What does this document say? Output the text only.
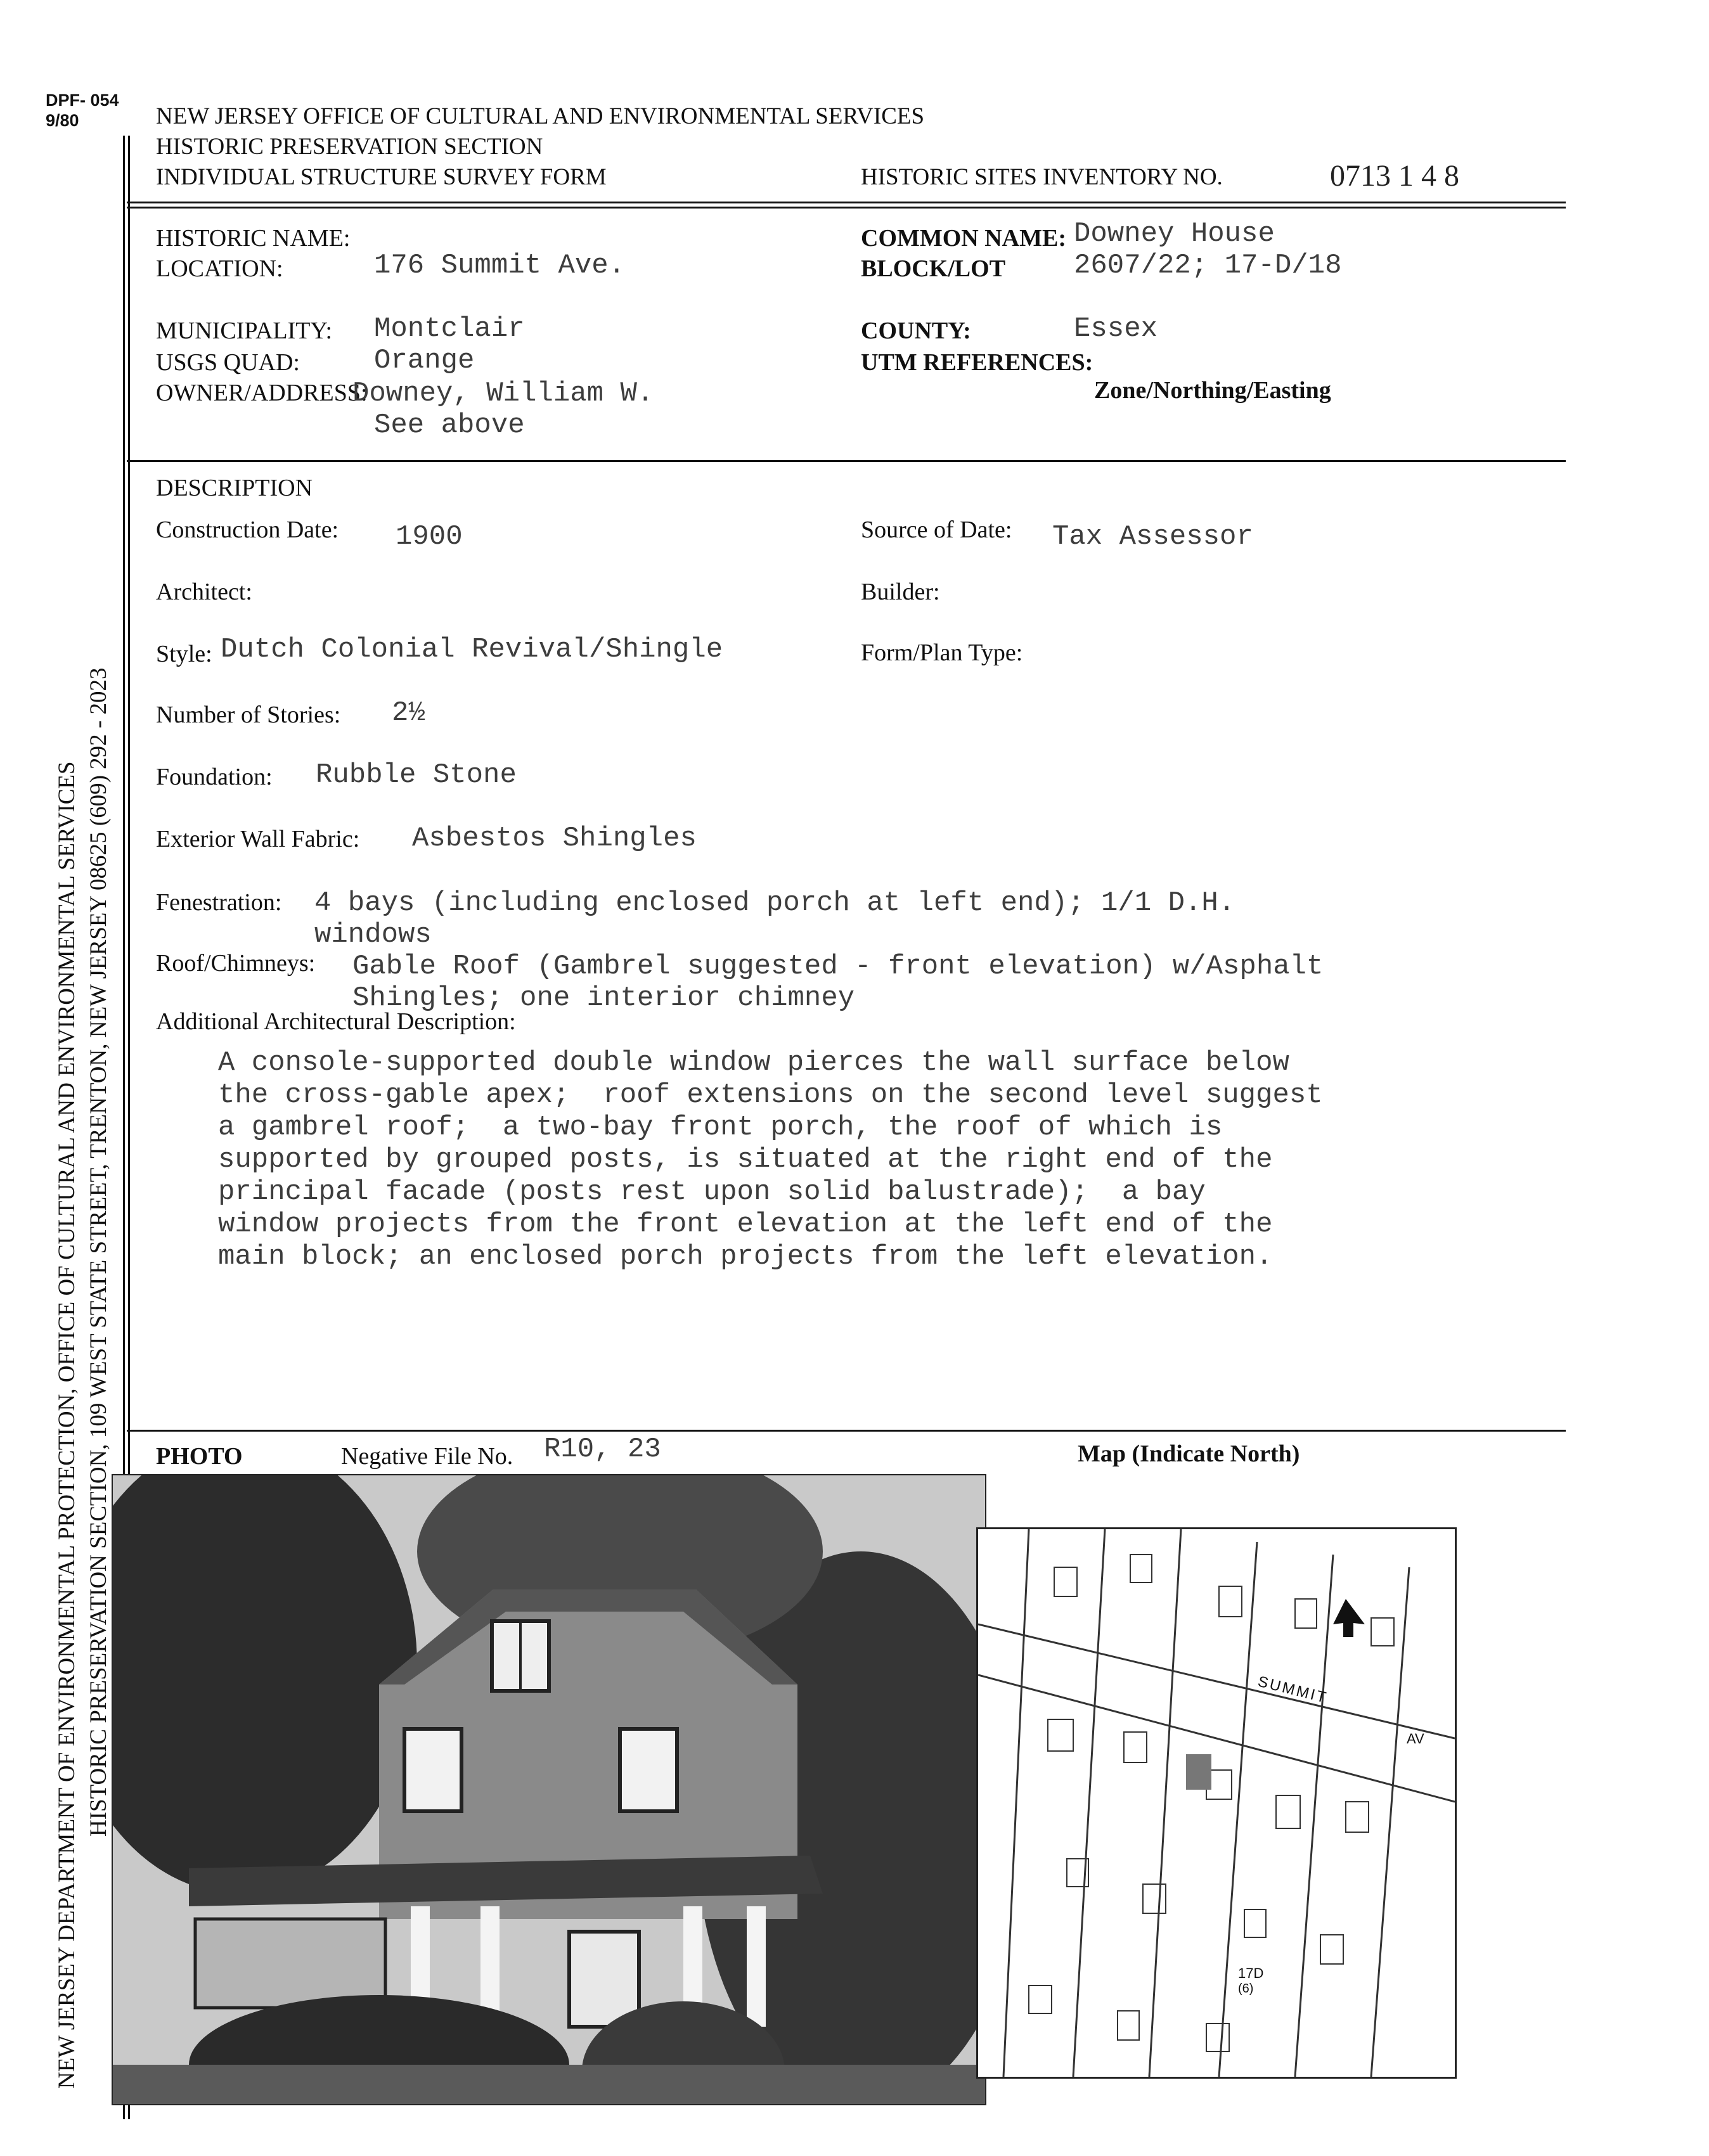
DPF- 054
9/80
NEW JERSEY DEPARTMENT OF ENVIRONMENTAL PROTECTION, OFFICE OF CULTURAL AND ENVIRONMENTAL SERVICES HISTORIC PRESERVATION SECTION, 109 WEST STATE STREET, TRENTON, NEW JERSEY 08625 (609) 292 - 2023
NEW JERSEY OFFICE OF CULTURAL AND ENVIRONMENTAL SERVICES
HISTORIC PRESERVATION SECTION
INDIVIDUAL STRUCTURE SURVEY FORM	HISTORIC SITES INVENTORY NO.	0713 1 4 8
HISTORIC NAME:
LOCATION:	176 Summit Ave.
COMMON NAME: Downey House
BLOCK/LOT 2607/22; 17-D/18
MUNICIPALITY: Montclair
USGS QUAD:	Orange
OWNER/ADDRESS:
Downey, William W.
See above
COUNTY:	Essex
UTM REFERENCES:
Zone/Northing/Easting
DESCRIPTION
Construction Date: 1900	Source of Date: Tax Assessor
Architect:	Builder:
Style: Dutch Colonial Revival/Shingle	Form/Plan Type:
Number of Stories: 2½
Foundation: Rubble Stone
Exterior Wall Fabric: Asbestos Shingles
Fenestration: 4 bays (including enclosed porch at left end); 1/1 D.H.
windows
Roof/Chimneys: Gable Roof (Gambrel suggested - front elevation) w/Asphalt
Shingles; one interior chimney
Additional Architectural Description:
A console-supported double window pierces the wall surface below
the cross-gable apex;  roof extensions on the second level suggest
a gambrel roof;  a two-bay front porch, the roof of which is
supported by grouped posts, is situated at the right end of the
principal facade (posts rest upon solid balustrade);  a bay
window projects from the front elevation at the left end of the
main block; an enclosed porch projects from the left elevation.
PHOTO	Negative File No. R10, 23	Map (Indicate North)
SUMMIT
AV
17D
(6)
